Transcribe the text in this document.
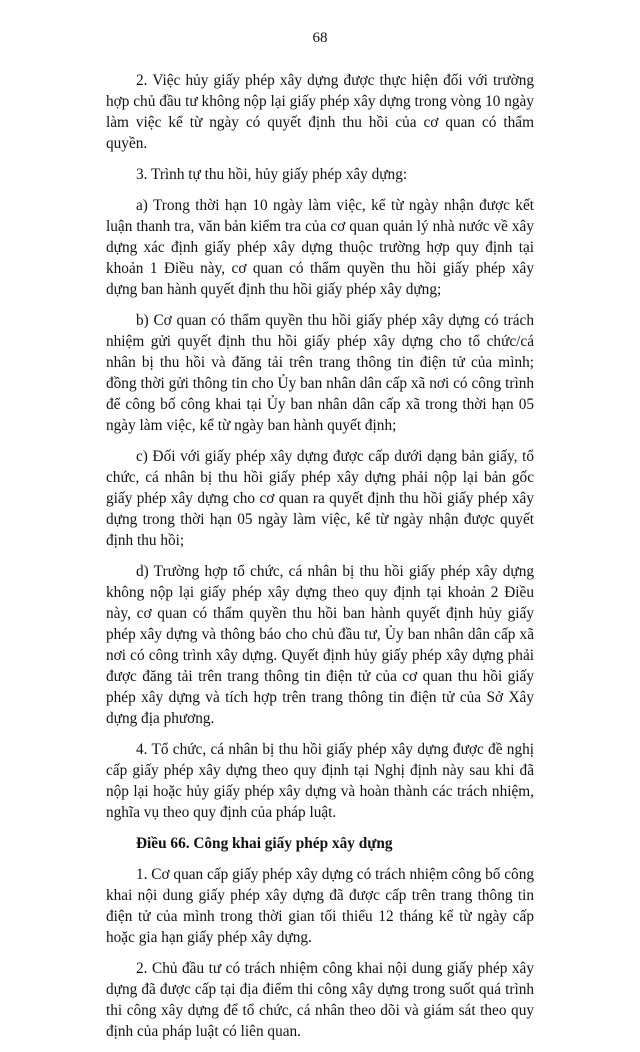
68

2. Việc hủy giấy phép xây dựng được thực hiện đối với trường hợp chủ đầu tư không nộp lại giấy phép xây dựng trong vòng 10 ngày làm việc kể từ ngày có quyết định thu hồi của cơ quan có thẩm quyền.

3. Trình tự thu hồi, hủy giấy phép xây dựng:

a) Trong thời hạn 10 ngày làm việc, kể từ ngày nhận được kết luận thanh tra, văn bản kiểm tra của cơ quan quản lý nhà nước về xây dựng xác định giấy phép xây dựng thuộc trường hợp quy định tại khoản 1 Điều này, cơ quan có thẩm quyền thu hồi giấy phép xây dựng ban hành quyết định thu hồi giấy phép xây dựng;

b) Cơ quan có thẩm quyền thu hồi giấy phép xây dựng có trách nhiệm gửi quyết định thu hồi giấy phép xây dựng cho tổ chức/cá nhân bị thu hồi và đăng tải trên trang thông tin điện tử của mình; đồng thời gửi thông tin cho Ủy ban nhân dân cấp xã nơi có công trình để công bố công khai tại Ủy ban nhân dân cấp xã trong thời hạn 05 ngày làm việc, kể từ ngày ban hành quyết định;

c) Đối với giấy phép xây dựng được cấp dưới dạng bản giấy, tổ chức, cá nhân bị thu hồi giấy phép xây dựng phải nộp lại bản gốc giấy phép xây dựng cho cơ quan ra quyết định thu hồi giấy phép xây dựng trong thời hạn 05 ngày làm việc, kể từ ngày nhận được quyết định thu hồi;

d) Trường hợp tổ chức, cá nhân bị thu hồi giấy phép xây dựng không nộp lại giấy phép xây dựng theo quy định tại khoản 2 Điều này, cơ quan có thẩm quyền thu hồi ban hành quyết định hủy giấy phép xây dựng và thông báo cho chủ đầu tư, Ủy ban nhân dân cấp xã nơi có công trình xây dựng. Quyết định hủy giấy phép xây dựng phải được đăng tải trên trang thông tin điện tử của cơ quan thu hồi giấy phép xây dựng và tích hợp trên trang thông tin điện tử của Sở Xây dựng địa phương.

4. Tổ chức, cá nhân bị thu hồi giấy phép xây dựng được đề nghị cấp giấy phép xây dựng theo quy định tại Nghị định này sau khi đã nộp lại hoặc hủy giấy phép xây dựng và hoàn thành các trách nhiệm, nghĩa vụ theo quy định của pháp luật.

Điều 66. Công khai giấy phép xây dựng

1. Cơ quan cấp giấy phép xây dựng có trách nhiệm công bố công khai nội dung giấy phép xây dựng đã được cấp trên trang thông tin điện tử của mình trong thời gian tối thiểu 12 tháng kể từ ngày cấp hoặc gia hạn giấy phép xây dựng.

2. Chủ đầu tư có trách nhiệm công khai nội dung giấy phép xây dựng đã được cấp tại địa điểm thi công xây dựng trong suốt quá trình thi công xây dựng để tổ chức, cá nhân theo dõi và giám sát theo quy định của pháp luật có liên quan.
